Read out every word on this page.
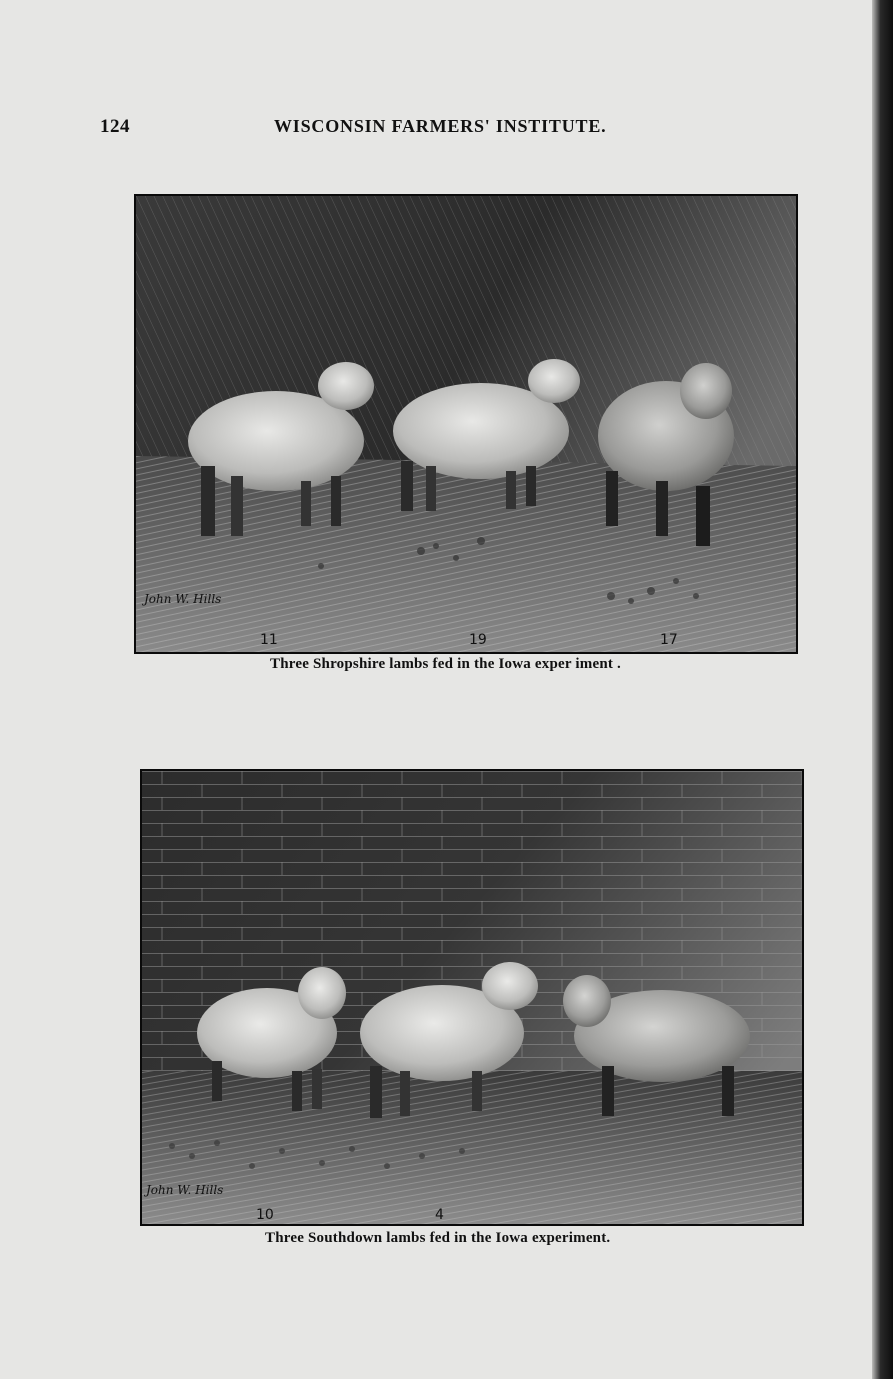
124	WISCONSIN FARMERS' INSTITUTE.
John W. Hills
11	19	17
Three Shropshire lambs fed in the Iowa exper iment .
John W. Hills
10	4
Three Southdown lambs fed in the Iowa experiment.
